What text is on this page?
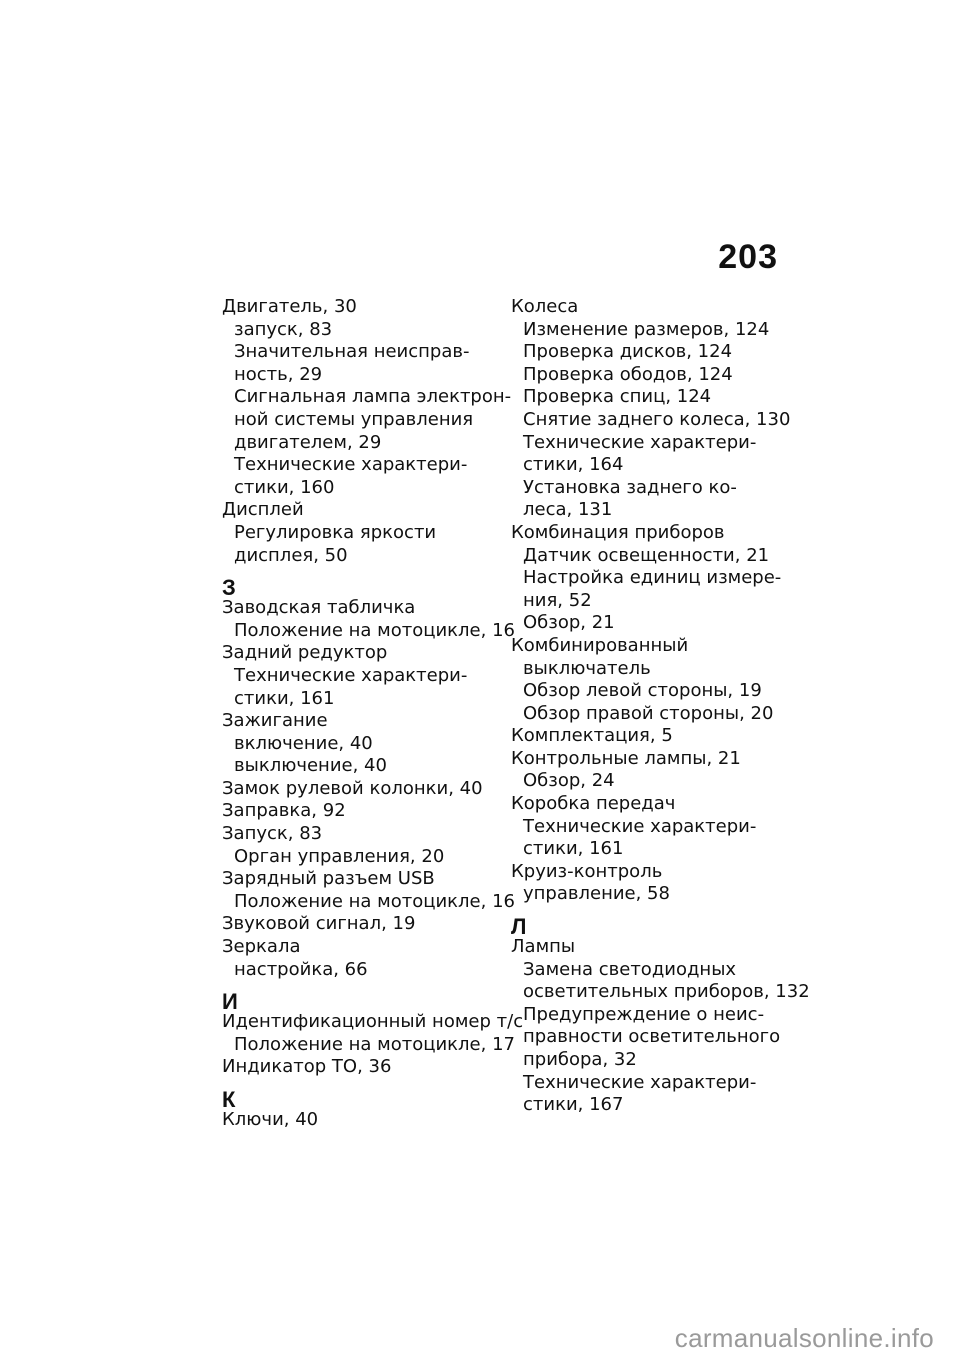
203
Двигатель, 30
запуск, 83
Значительная неисправ-
ность, 29
Сигнальная лампа электрон-
ной системы управления
двигателем, 29
Технические характери-
стики, 160
Дисплей
Регулировка яркости
дисплея, 50
З
Заводская табличка
Положение на мотоцикле, 16
Задний редуктор
Технические характери-
стики, 161
Зажигание
включение, 40
выключение, 40
Замок рулевой колонки, 40
Заправка, 92
Запуск, 83
Орган управления, 20
Зарядный разъем USB
Положение на мотоцикле, 16
Звуковой сигнал, 19
Зеркала
настройка, 66
И
Идентификационный номер т/с
Положение на мотоцикле, 17
Индикатор ТО, 36
К
Ключи, 40
Колеса
Изменение размеров, 124
Проверка дисков, 124
Проверка ободов, 124
Проверка спиц, 124
Снятие заднего колеса, 130
Технические характери-
стики, 164
Установка заднего ко-
леса, 131
Комбинация приборов
Датчик освещенности, 21
Настройка единиц измере-
ния, 52
Обзор, 21
Комбинированный
выключатель
Обзор левой стороны, 19
Обзор правой стороны, 20
Комплектация, 5
Контрольные лампы, 21
Обзор, 24
Коробка передач
Технические характери-
стики, 161
Круиз-контроль
управление, 58
Л
Лампы
Замена светодиодных
осветительных приборов, 132
Предупреждение о неис-
правности осветительного
прибора, 32
Технические характери-
стики, 167
carmanualsonline.info
